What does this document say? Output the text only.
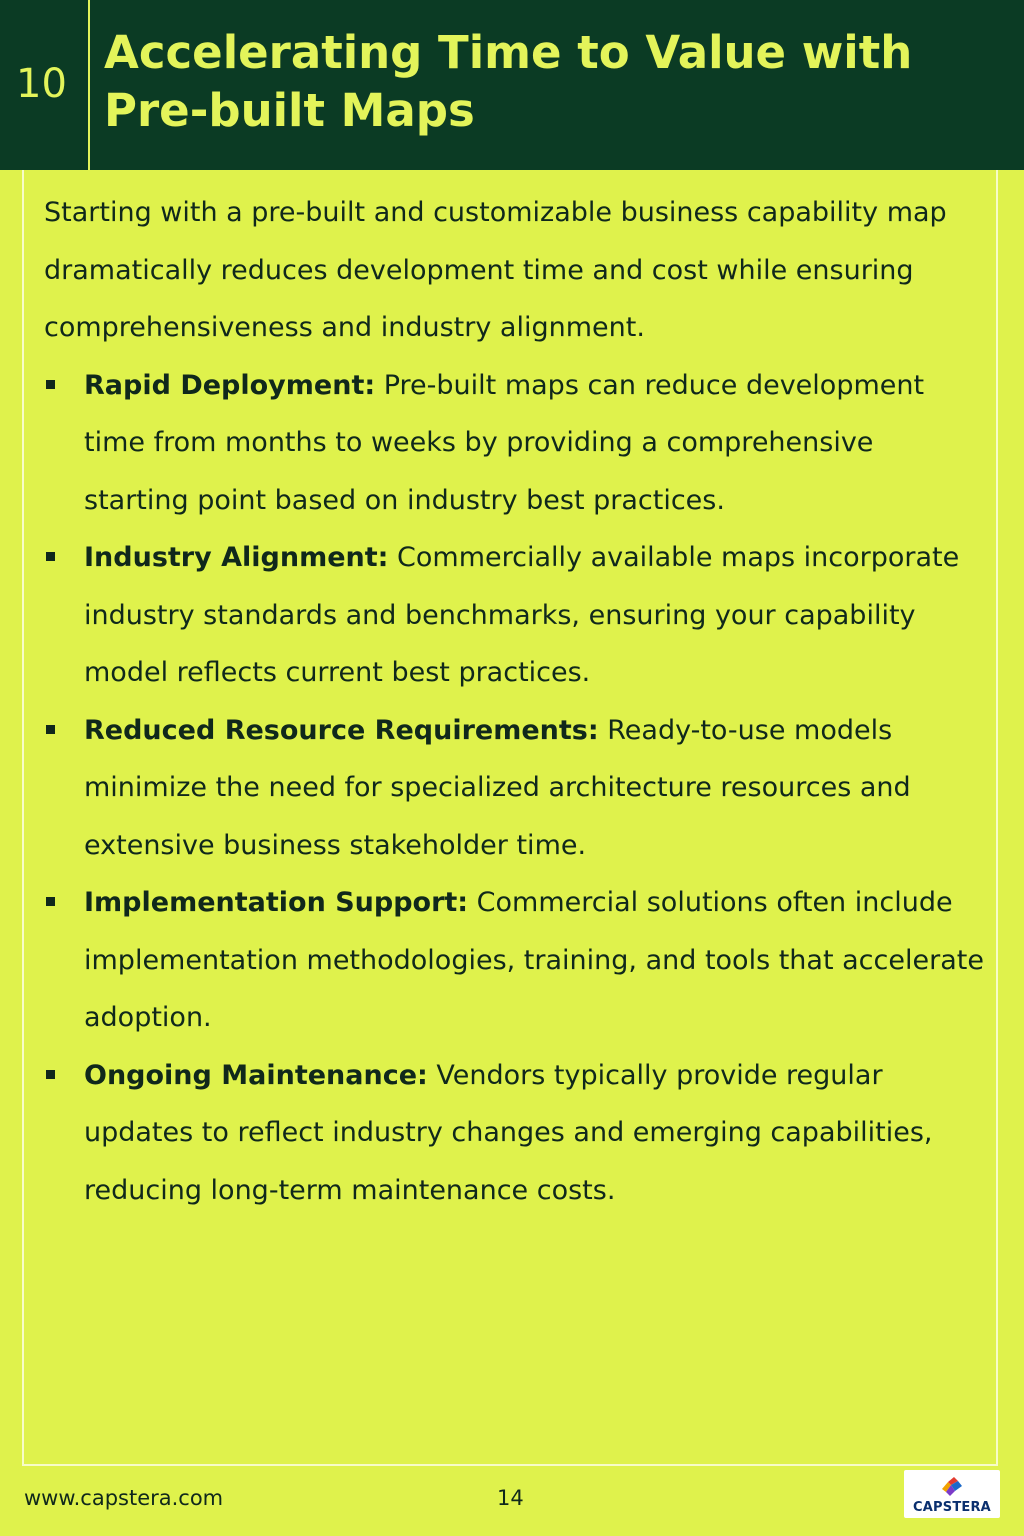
10
Accelerating Time to Value with Pre-built Maps

Starting with a pre-built and customizable business capability map dramatically reduces development time and cost while ensuring comprehensiveness and industry alignment.

Rapid Deployment: Pre-built maps can reduce development time from months to weeks by providing a comprehensive starting point based on industry best practices.
Industry Alignment: Commercially available maps incorporate industry standards and benchmarks, ensuring your capability model reflects current best practices.
Reduced Resource Requirements: Ready-to-use models minimize the need for specialized architecture resources and extensive business stakeholder time.
Implementation Support: Commercial solutions often include implementation methodologies, training, and tools that accelerate adoption.
Ongoing Maintenance: Vendors typically provide regular updates to reflect industry changes and emerging capabilities, reducing long-term maintenance costs.
www.capstera.com	14	CAPSTERA
